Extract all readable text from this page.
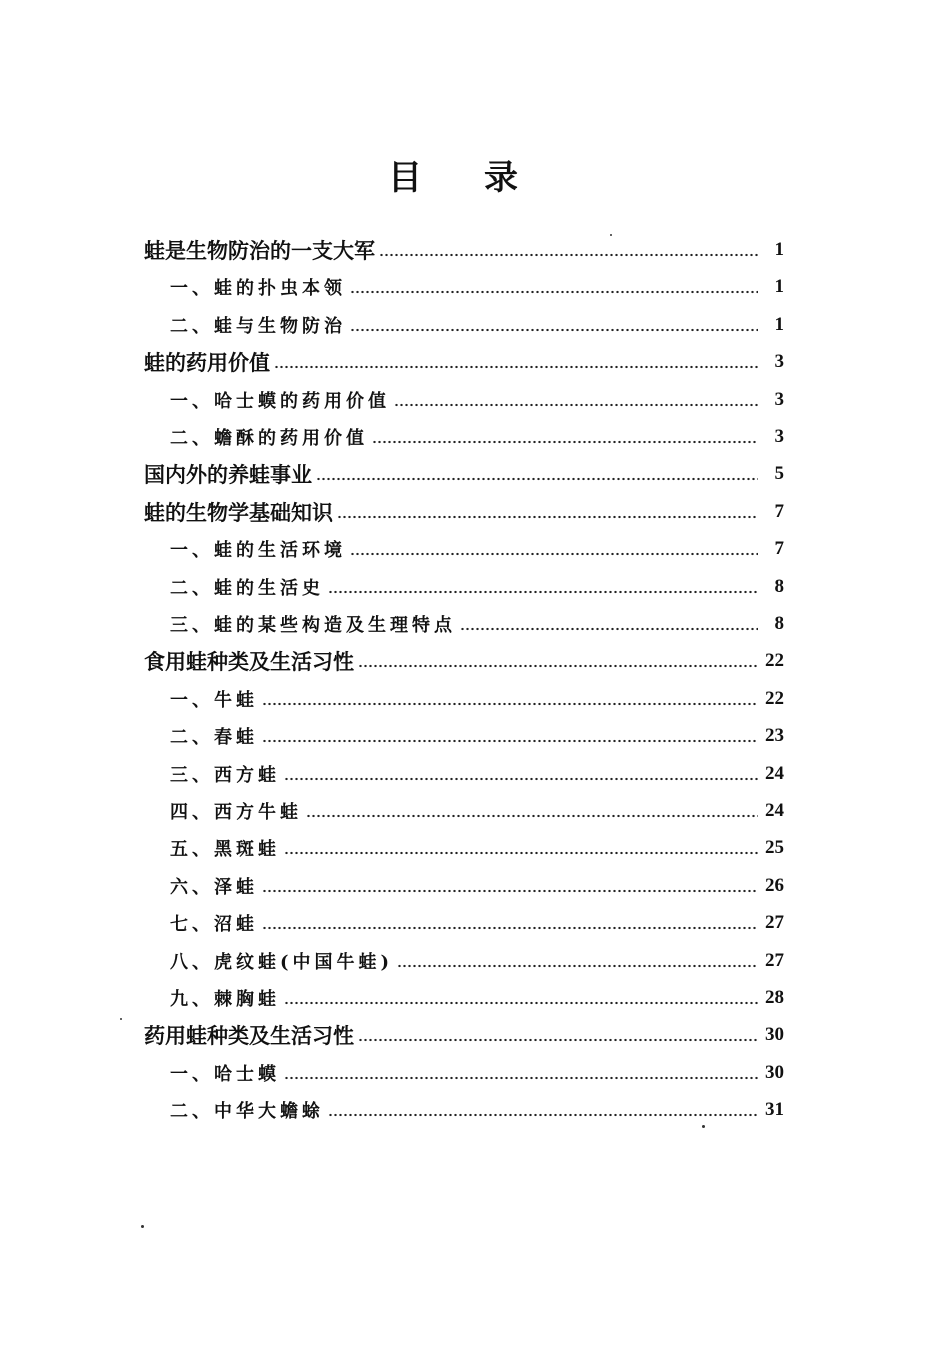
目 录
蛙是生物防治的一支大军	1
一、蛙的扑虫本领	1
二、蛙与生物防治	1
蛙的药用价值	3
一、哈士蟆的药用价值	3
二、蟾酥的药用价值	3
国内外的养蛙事业	5
蛙的生物学基础知识	7
一、蛙的生活环境	7
二、蛙的生活史	8
三、蛙的某些构造及生理特点	8
食用蛙种类及生活习性	22
一、牛蛙	22
二、春蛙	23
三、西方蛙	24
四、西方牛蛙	24
五、黑斑蛙	25
六、泽蛙	26
七、沼蛙	27
八、虎纹蛙(中国牛蛙)	27
九、棘胸蛙	28
药用蛙种类及生活习性	30
一、哈士蟆	30
二、中华大蟾蜍	31
